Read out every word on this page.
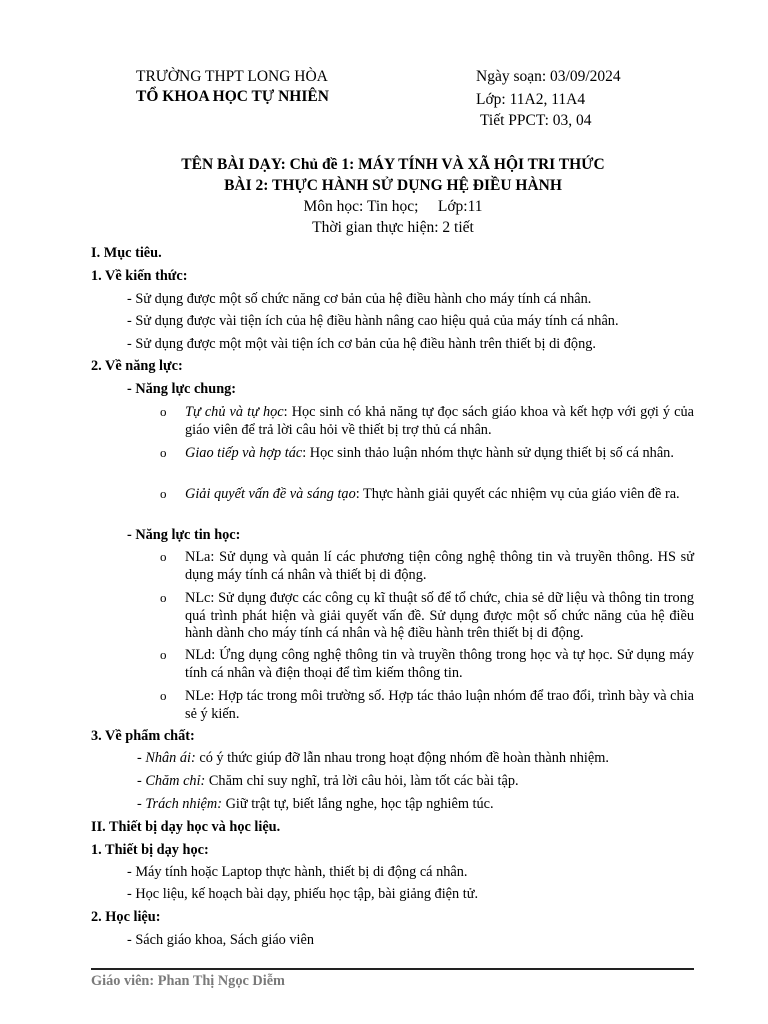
TRƯỜNG THPT LONG HÒA
TỔ KHOA HỌC TỰ NHIÊN
Ngày soạn: 03/09/2024
Lớp: 11A2, 11A4
Tiết PPCT: 03, 04
TÊN BÀI DẠY: Chủ đề 1: MÁY TÍNH VÀ XÃ HỘI TRI THỨC
BÀI 2: THỰC HÀNH SỬ DỤNG HỆ ĐIỀU HÀNH
Môn học: Tin học;     Lớp:11
Thời gian thực hiện: 2 tiết
I. Mục tiêu.
1. Về kiến thức:
- Sử dụng được một số chức năng cơ bản của hệ điều hành cho máy tính cá nhân.
- Sử dụng được vài tiện ích của hệ điều hành nâng cao hiệu quả của máy tính cá nhân.
- Sử dụng được một một vài tiện ích cơ bản của hệ điều hành trên thiết bị di động.
2. Về năng lực:
- Năng lực chung:
o Tự chủ và tự học: Học sinh có khả năng tự đọc sách giáo khoa và kết hợp với gợi ý của giáo viên để trả lời câu hỏi về thiết bị trợ thủ cá nhân.
o Giao tiếp và hợp tác: Học sinh thảo luận nhóm thực hành sử dụng thiết bị số cá nhân.
o Giải quyết vấn đề và sáng tạo: Thực hành giải quyết các nhiệm vụ của giáo viên đề ra.
- Năng lực tin học:
o NLa: Sử dụng và quản lí các phương tiện công nghệ thông tin và truyền thông. HS sử dụng máy tính cá nhân và thiết bị di động.
o NLc: Sử dụng được các công cụ kĩ thuật số để tổ chức, chia sẻ dữ liệu và thông tin trong quá trình phát hiện và giải quyết vấn đề. Sử dụng được một số chức năng của hệ điều hành dành cho máy tính cá nhân và hệ điều hành trên thiết bị di động.
o NLd: Ứng dụng công nghệ thông tin và truyền thông trong học và tự học. Sử dụng máy tính cá nhân và điện thoại để tìm kiếm thông tin.
o NLe: Hợp tác trong môi trường số. Hợp tác thảo luận nhóm để trao đổi, trình bày và chia sẻ ý kiến.
3. Về phẩm chất:
- Nhân ái: có ý thức giúp đỡ lẫn nhau trong hoạt động nhóm đề hoàn thành nhiệm.
- Chăm chỉ: Chăm chỉ suy nghĩ, trả lời câu hỏi, làm tốt các bài tập.
- Trách nhiệm: Giữ trật tự, biết lắng nghe, học tập nghiêm túc.
II. Thiết bị dạy học và học liệu.
1. Thiết bị dạy học:
- Máy tính hoặc Laptop thực hành, thiết bị di động cá nhân.
- Học liệu, kế hoạch bài dạy, phiếu học tập, bài giảng điện tử.
2. Học liệu:
- Sách giáo khoa, Sách giáo viên
Giáo viên: Phan Thị Ngọc Diễm
